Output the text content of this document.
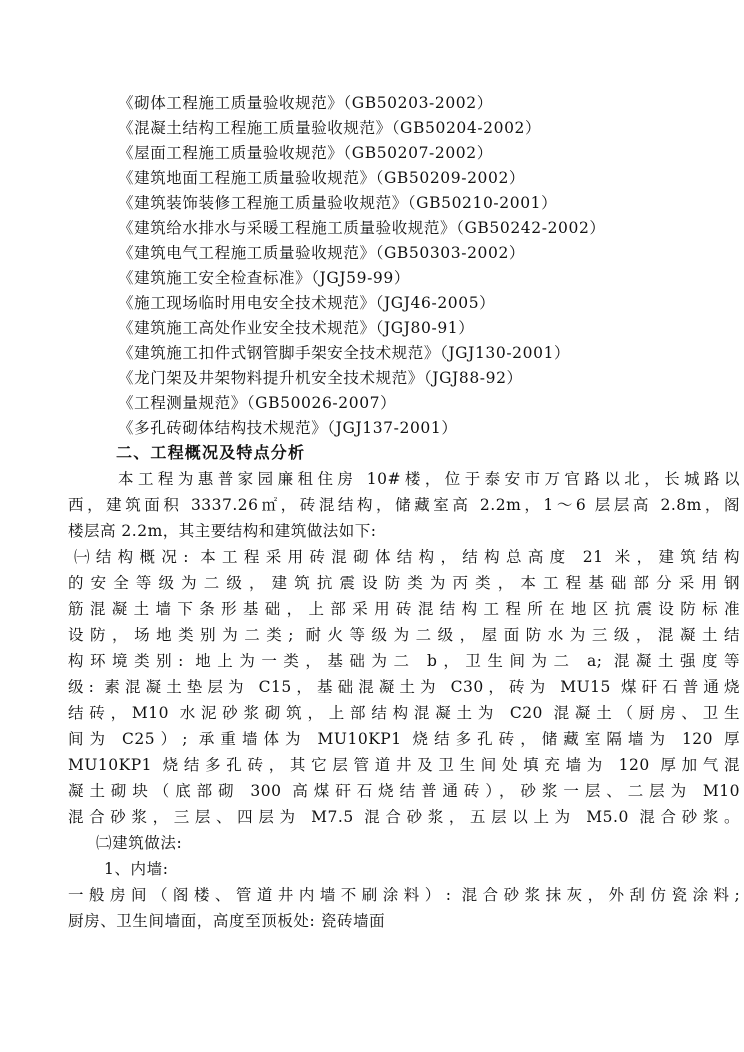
《砌体工程施工质量验收规范》（GB50203-2002）
《混凝土结构工程施工质量验收规范》（GB50204-2002）
《屋面工程施工质量验收规范》（GB50207-2002）
《建筑地面工程施工质量验收规范》（GB50209-2002）
《建筑装饰装修工程施工质量验收规范》（GB50210-2001）
《建筑给水排水与采暖工程施工质量验收规范》（GB50242-2002）
《建筑电气工程施工质量验收规范》（GB50303-2002）
《建筑施工安全检查标准》（JGJ59-99）
《施工现场临时用电安全技术规范》（JGJ46-2005）
《建筑施工高处作业安全技术规范》（JGJ80-91）
《建筑施工扣件式钢管脚手架安全技术规范》（JGJ130-2001）
《龙门架及井架物料提升机安全技术规范》（JGJ88-92）
《工程测量规范》（GB50026-2007）
《多孔砖砌体结构技术规范》（JGJ137-2001）
二、工程概况及特点分析
本工程为惠普家园廉租住房 10#楼，位于泰安市万官路以北，长城路以
西，建筑面积 3337.26㎡，砖混结构，储藏室高 2.2m，1～6 层层高 2.8m，阁
楼层高 2.2m，其主要结构和建筑做法如下:
㈠结构概况: 本工程采用砖混砌体结构，结构总高度 21 米，建筑结构
的安全等级为二级，建筑抗震设防类为丙类，本工程基础部分采用钢
筋混凝土墙下条形基础，上部采用砖混结构工程所在地区抗震设防标准
设防，场地类别为二类; 耐火等级为二级，屋面防水为三级，混凝土结
构环境类别: 地上为一类，基础为二 b，卫生间为二 a; 混凝土强度等
级: 素混凝土垫层为 C15，基础混凝土为 C30，砖为 MU15 煤矸石普通烧
结砖，M10 水泥砂浆砌筑，上部结构混凝土为 C20 混凝土（厨房、卫生
间为 C25）; 承重墙体为 MU10KP1 烧结多孔砖，储藏室隔墙为 120 厚
MU10KP1 烧结多孔砖，其它层管道井及卫生间处填充墙为 120 厚加气混
凝土砌块（底部砌 300 高煤矸石烧结普通砖），砂浆一层、二层为 M10
混合砂浆，三层、四层为 M7.5 混合砂浆，五层以上为 M5.0 混合砂浆。
㈡建筑做法:
1、内墙:
一般房间（阁楼、管道井内墙不刷涂料）: 混合砂浆抹灰，外刮仿瓷涂料;
厨房、卫生间墙面，高度至顶板处: 瓷砖墙面
